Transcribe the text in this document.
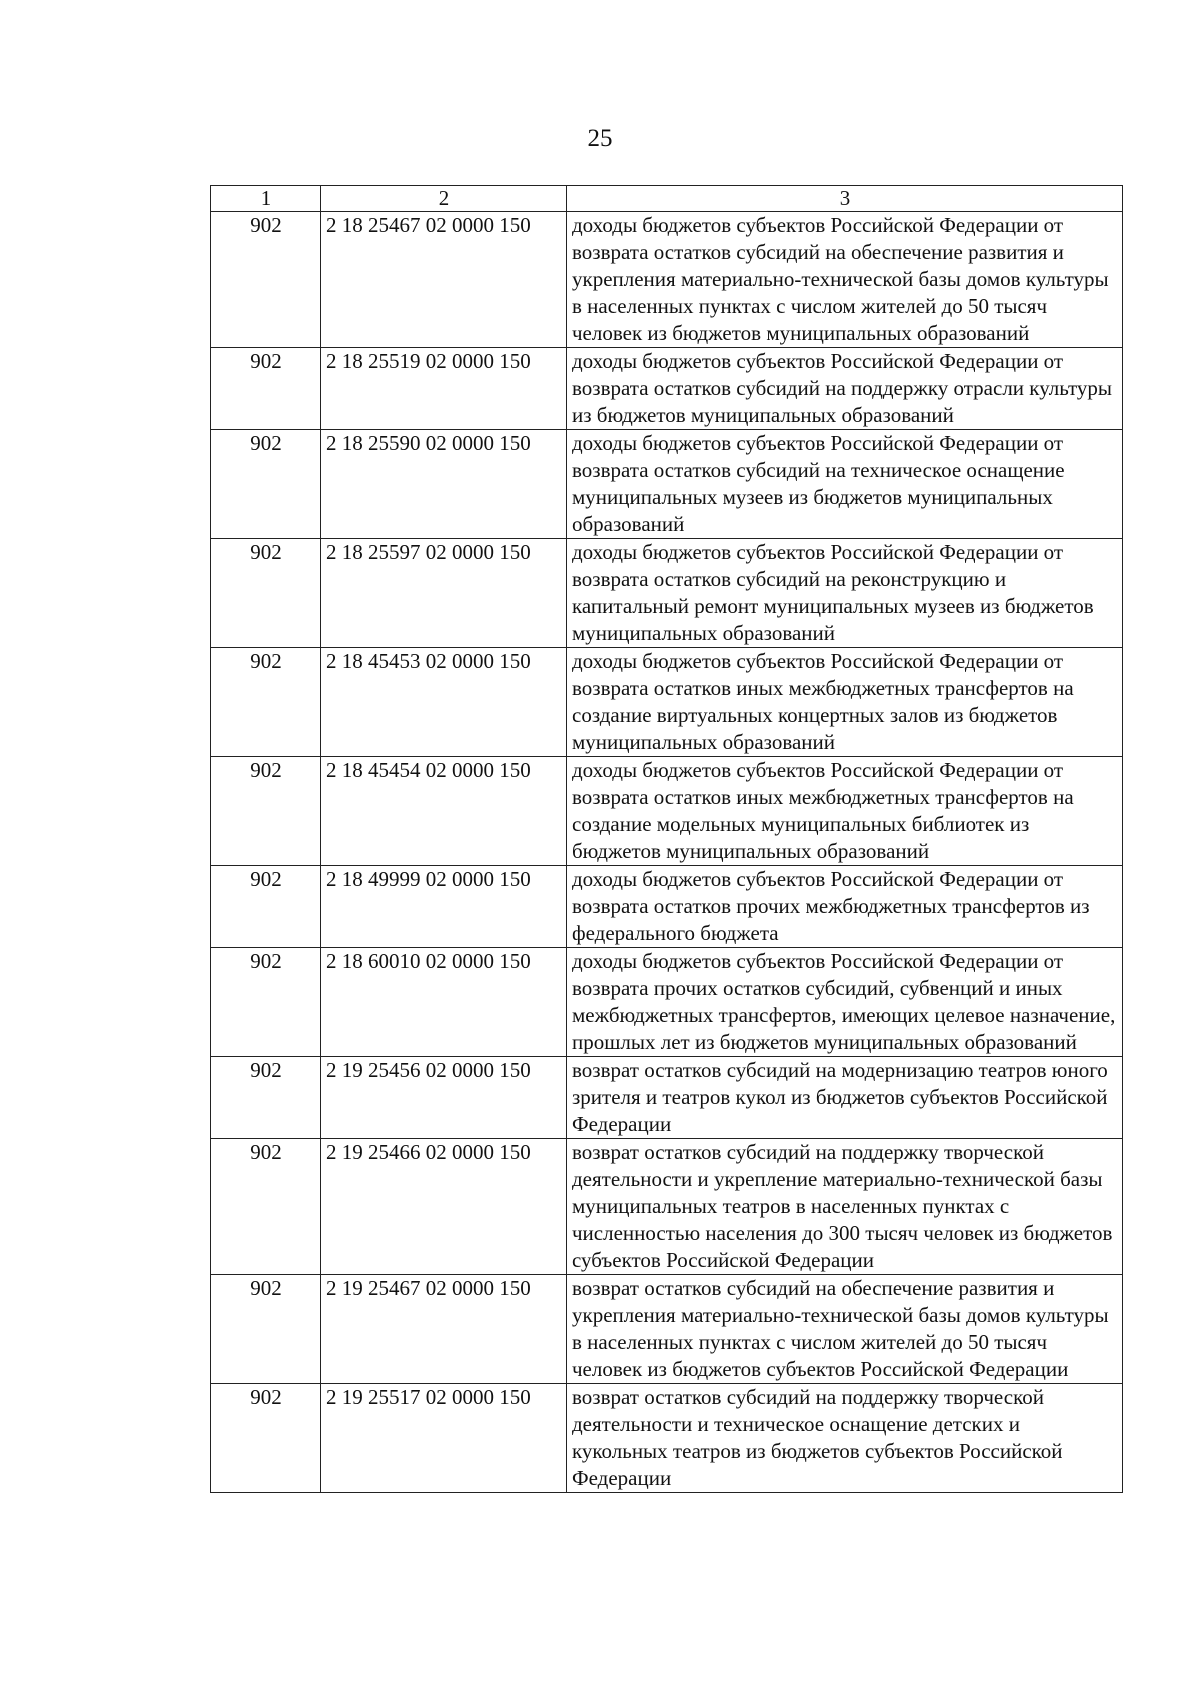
25
1	2	3
902	2 18 25467 02 0000 150	доходы бюджетов субъектов Российской Федерации от возврата остатков субсидий на обеспечение развития и укрепления материально-технической базы домов культуры в населенных пунктах с числом жителей до 50 тысяч человек из бюджетов муниципальных образований
902	2 18 25519 02 0000 150	доходы бюджетов субъектов Российской Федерации от возврата остатков субсидий на поддержку отрасли культуры из бюджетов муниципальных образований
902	2 18 25590 02 0000 150	доходы бюджетов субъектов Российской Федерации от возврата остатков субсидий на техническое оснащение муниципальных музеев из бюджетов муниципальных образований
902	2 18 25597 02 0000 150	доходы бюджетов субъектов Российской Федерации от возврата остатков субсидий на реконструкцию и капитальный ремонт муниципальных музеев из бюджетов муниципальных образований
902	2 18 45453 02 0000 150	доходы бюджетов субъектов Российской Федерации от возврата остатков иных межбюджетных трансфертов на создание виртуальных концертных залов из бюджетов муниципальных образований
902	2 18 45454 02 0000 150	доходы бюджетов субъектов Российской Федерации от возврата остатков иных межбюджетных трансфертов на создание модельных муниципальных библиотек из бюджетов муниципальных образований
902	2 18 49999 02 0000 150	доходы бюджетов субъектов Российской Федерации от возврата остатков прочих межбюджетных трансфертов из федерального бюджета
902	2 18 60010 02 0000 150	доходы бюджетов субъектов Российской Федерации от возврата прочих остатков субсидий, субвенций и иных межбюджетных трансфертов, имеющих целевое назначение, прошлых лет из бюджетов муниципальных образований
902	2 19 25456 02 0000 150	возврат остатков субсидий на модернизацию театров юного зрителя и театров кукол из бюджетов субъектов Российской Федерации
902	2 19 25466 02 0000 150	возврат остатков субсидий на поддержку творческой деятельности и укрепление материально-технической базы муниципальных театров в населенных пунктах с численностью населения до 300 тысяч человек из бюджетов субъектов Российской Федерации
902	2 19 25467 02 0000 150	возврат остатков субсидий на обеспечение развития и укрепления материально-технической базы домов культуры в населенных пунктах с числом жителей до 50 тысяч человек из бюджетов субъектов Российской Федерации
902	2 19 25517 02 0000 150	возврат остатков субсидий на поддержку творческой деятельности и техническое оснащение детских и кукольных театров из бюджетов субъектов Российской Федерации
